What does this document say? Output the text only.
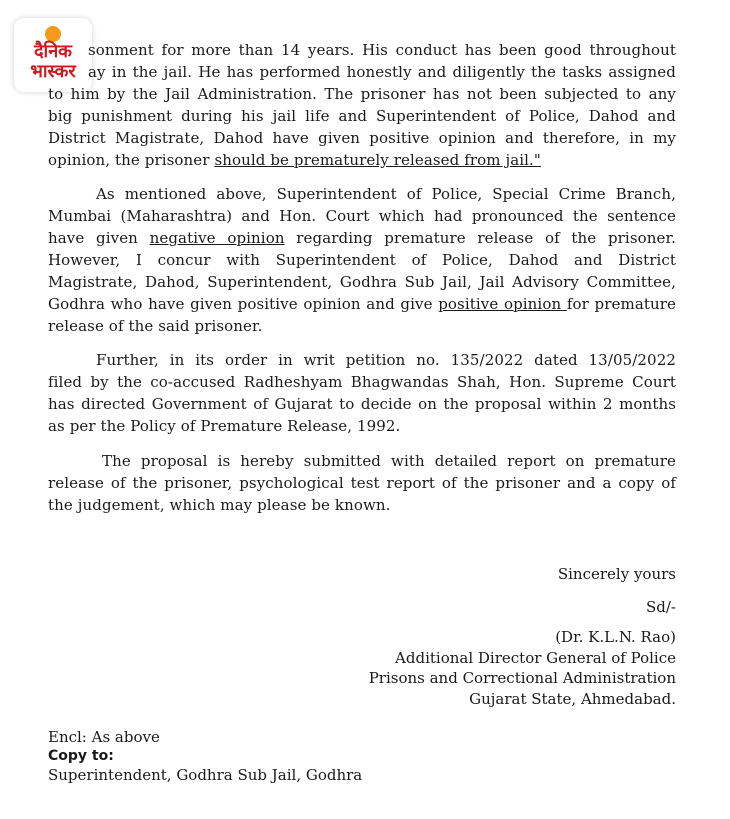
दैनिक
भास्कर
sonment for more than 14 years. His conduct has been good throughout
ay in the jail. He has performed honestly and diligently the tasks assigned
to him by the Jail Administration. The prisoner has not been subjected to any
big punishment during his jail life and Superintendent of Police, Dahod and
District Magistrate, Dahod have given positive opinion and therefore, in my
opinion, the prisoner should be prematurely released from jail."
As mentioned above, Superintendent of Police, Special Crime Branch,
Mumbai (Maharashtra) and Hon. Court which had pronounced the sentence
have given negative opinion regarding premature release of the prisoner.
However, I concur with Superintendent of Police, Dahod and District
Magistrate, Dahod, Superintendent, Godhra Sub Jail, Jail Advisory Committee,
Godhra who have given positive opinion and give positive opinion for premature
release of the said prisoner.
Further, in its order in writ petition no. 135/2022 dated 13/05/2022
filed by the co-accused Radheshyam Bhagwandas Shah, Hon. Supreme Court
has directed Government of Gujarat to decide on the proposal within 2 months
as per the Policy of Premature Release, 1992.
The proposal is hereby submitted with detailed report on premature
release of the prisoner, psychological test report of the prisoner and a copy of
the judgement, which may please be known.
Sincerely yours
Sd/-
(Dr. K.L.N. Rao)
Additional Director General of Police
Prisons and Correctional Administration
Gujarat State, Ahmedabad.
Encl: As above
Copy to:
Superintendent, Godhra Sub Jail, Godhra
